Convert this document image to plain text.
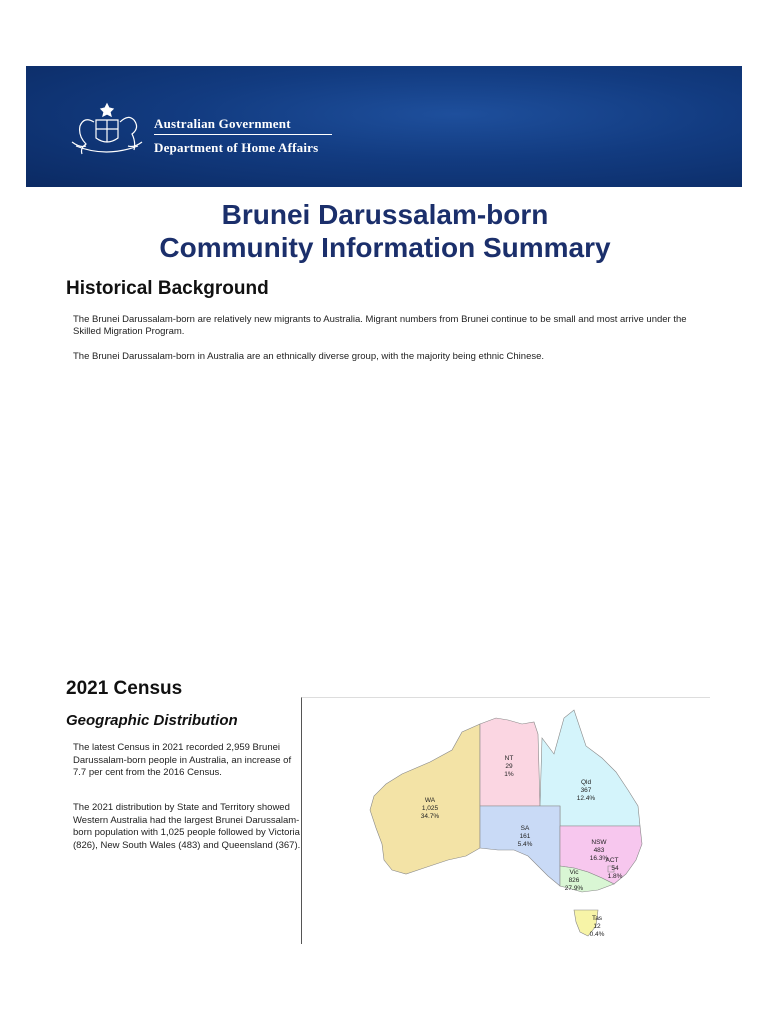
Australian Government
Department of Home Affairs
Brunei Darussalam-born
Community Information Summary
Historical Background
The Brunei Darussalam-born are relatively new migrants to Australia. Migrant numbers from Brunei continue to be small and most arrive under the Skilled Migration Program.
The Brunei Darussalam-born in Australia are an ethnically diverse group, with the majority being ethnic Chinese.
2021 Census
Geographic Distribution
The latest Census in 2021 recorded 2,959 Brunei Darussalam-born people in Australia, an increase of 7.7 per cent from the 2016 Census.
The 2021 distribution by State and Territory showed Western Australia had the largest Brunei Darussalam-born population with 1,025 people followed by Victoria (826), New South Wales (483) and Queensland (367).
WA
1,025
34.7%
NT
29
1%
Qld
367
12.4%
SA
161
5.4%	NSW
483
16.3%
ACT
54
1.8%
Vic
826
27.9%
Tas
12
0.4%
